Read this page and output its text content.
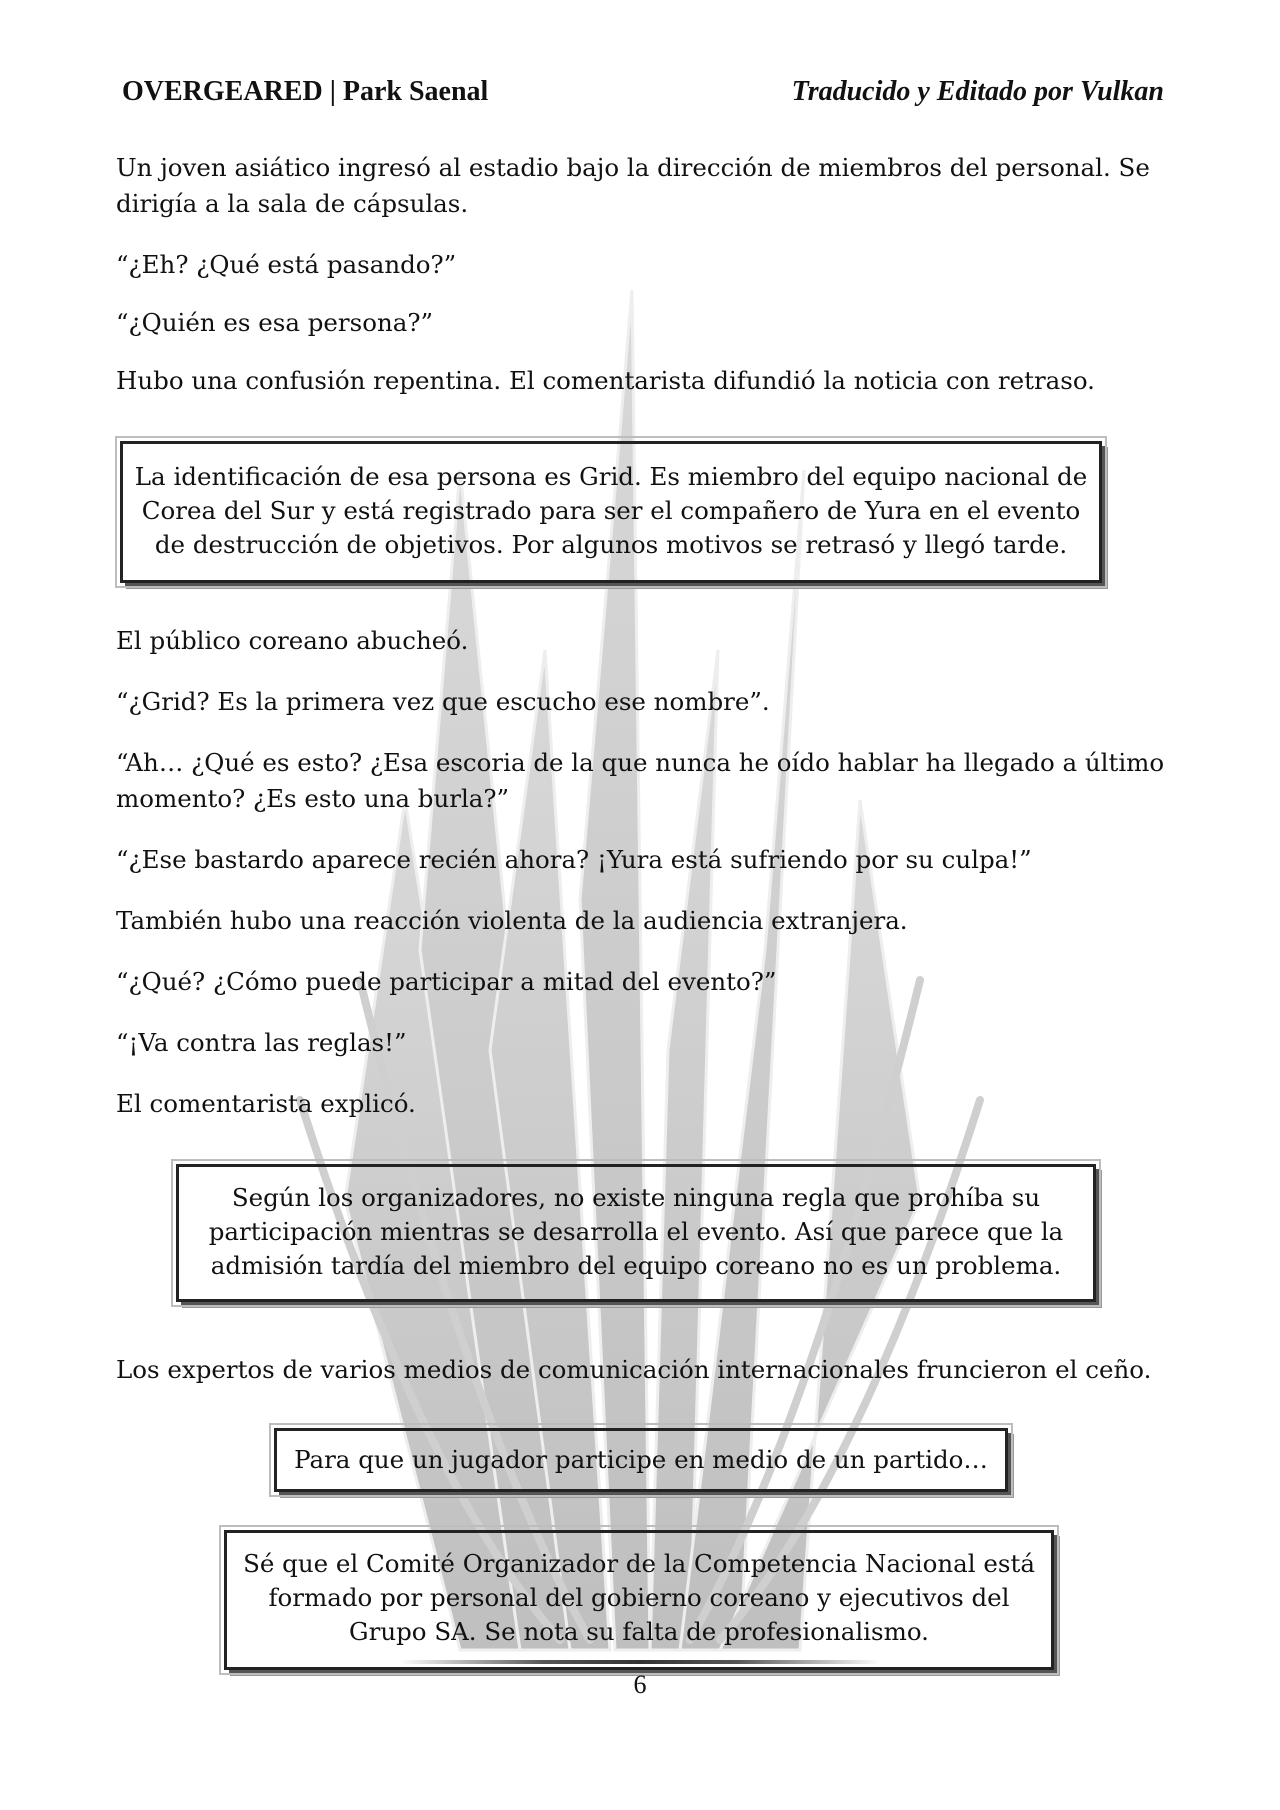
OVERGEARED | Park Saenal	Traducido y Editado por Vulkan

Un joven asiático ingresó al estadio bajo la dirección de miembros del personal. Se dirigía a la sala de cápsulas.

“¿Eh? ¿Qué está pasando?”

“¿Quién es esa persona?”

Hubo una confusión repentina. El comentarista difundió la noticia con retraso.

La identificación de esa persona es Grid. Es miembro del equipo nacional de Corea del Sur y está registrado para ser el compañero de Yura en el evento de destrucción de objetivos. Por algunos motivos se retrasó y llegó tarde.

El público coreano abucheó.

“¿Grid? Es la primera vez que escucho ese nombre”.

“Ah… ¿Qué es esto? ¿Esa escoria de la que nunca he oído hablar ha llegado a último momento? ¿Es esto una burla?”

“¿Ese bastardo aparece recién ahora? ¡Yura está sufriendo por su culpa!”

También hubo una reacción violenta de la audiencia extranjera.

“¿Qué? ¿Cómo puede participar a mitad del evento?”

“¡Va contra las reglas!”

El comentarista explicó.

Según los organizadores, no existe ninguna regla que prohíba su participación mientras se desarrolla el evento. Así que parece que la admisión tardía del miembro del equipo coreano no es un problema.

Los expertos de varios medios de comunicación internacionales fruncieron el ceño.

Para que un jugador participe en medio de un partido…
Sé que el Comité Organizador de la Competencia Nacional está formado por personal del gobierno coreano y ejecutivos del Grupo SA. Se nota su falta de profesionalismo.
6
